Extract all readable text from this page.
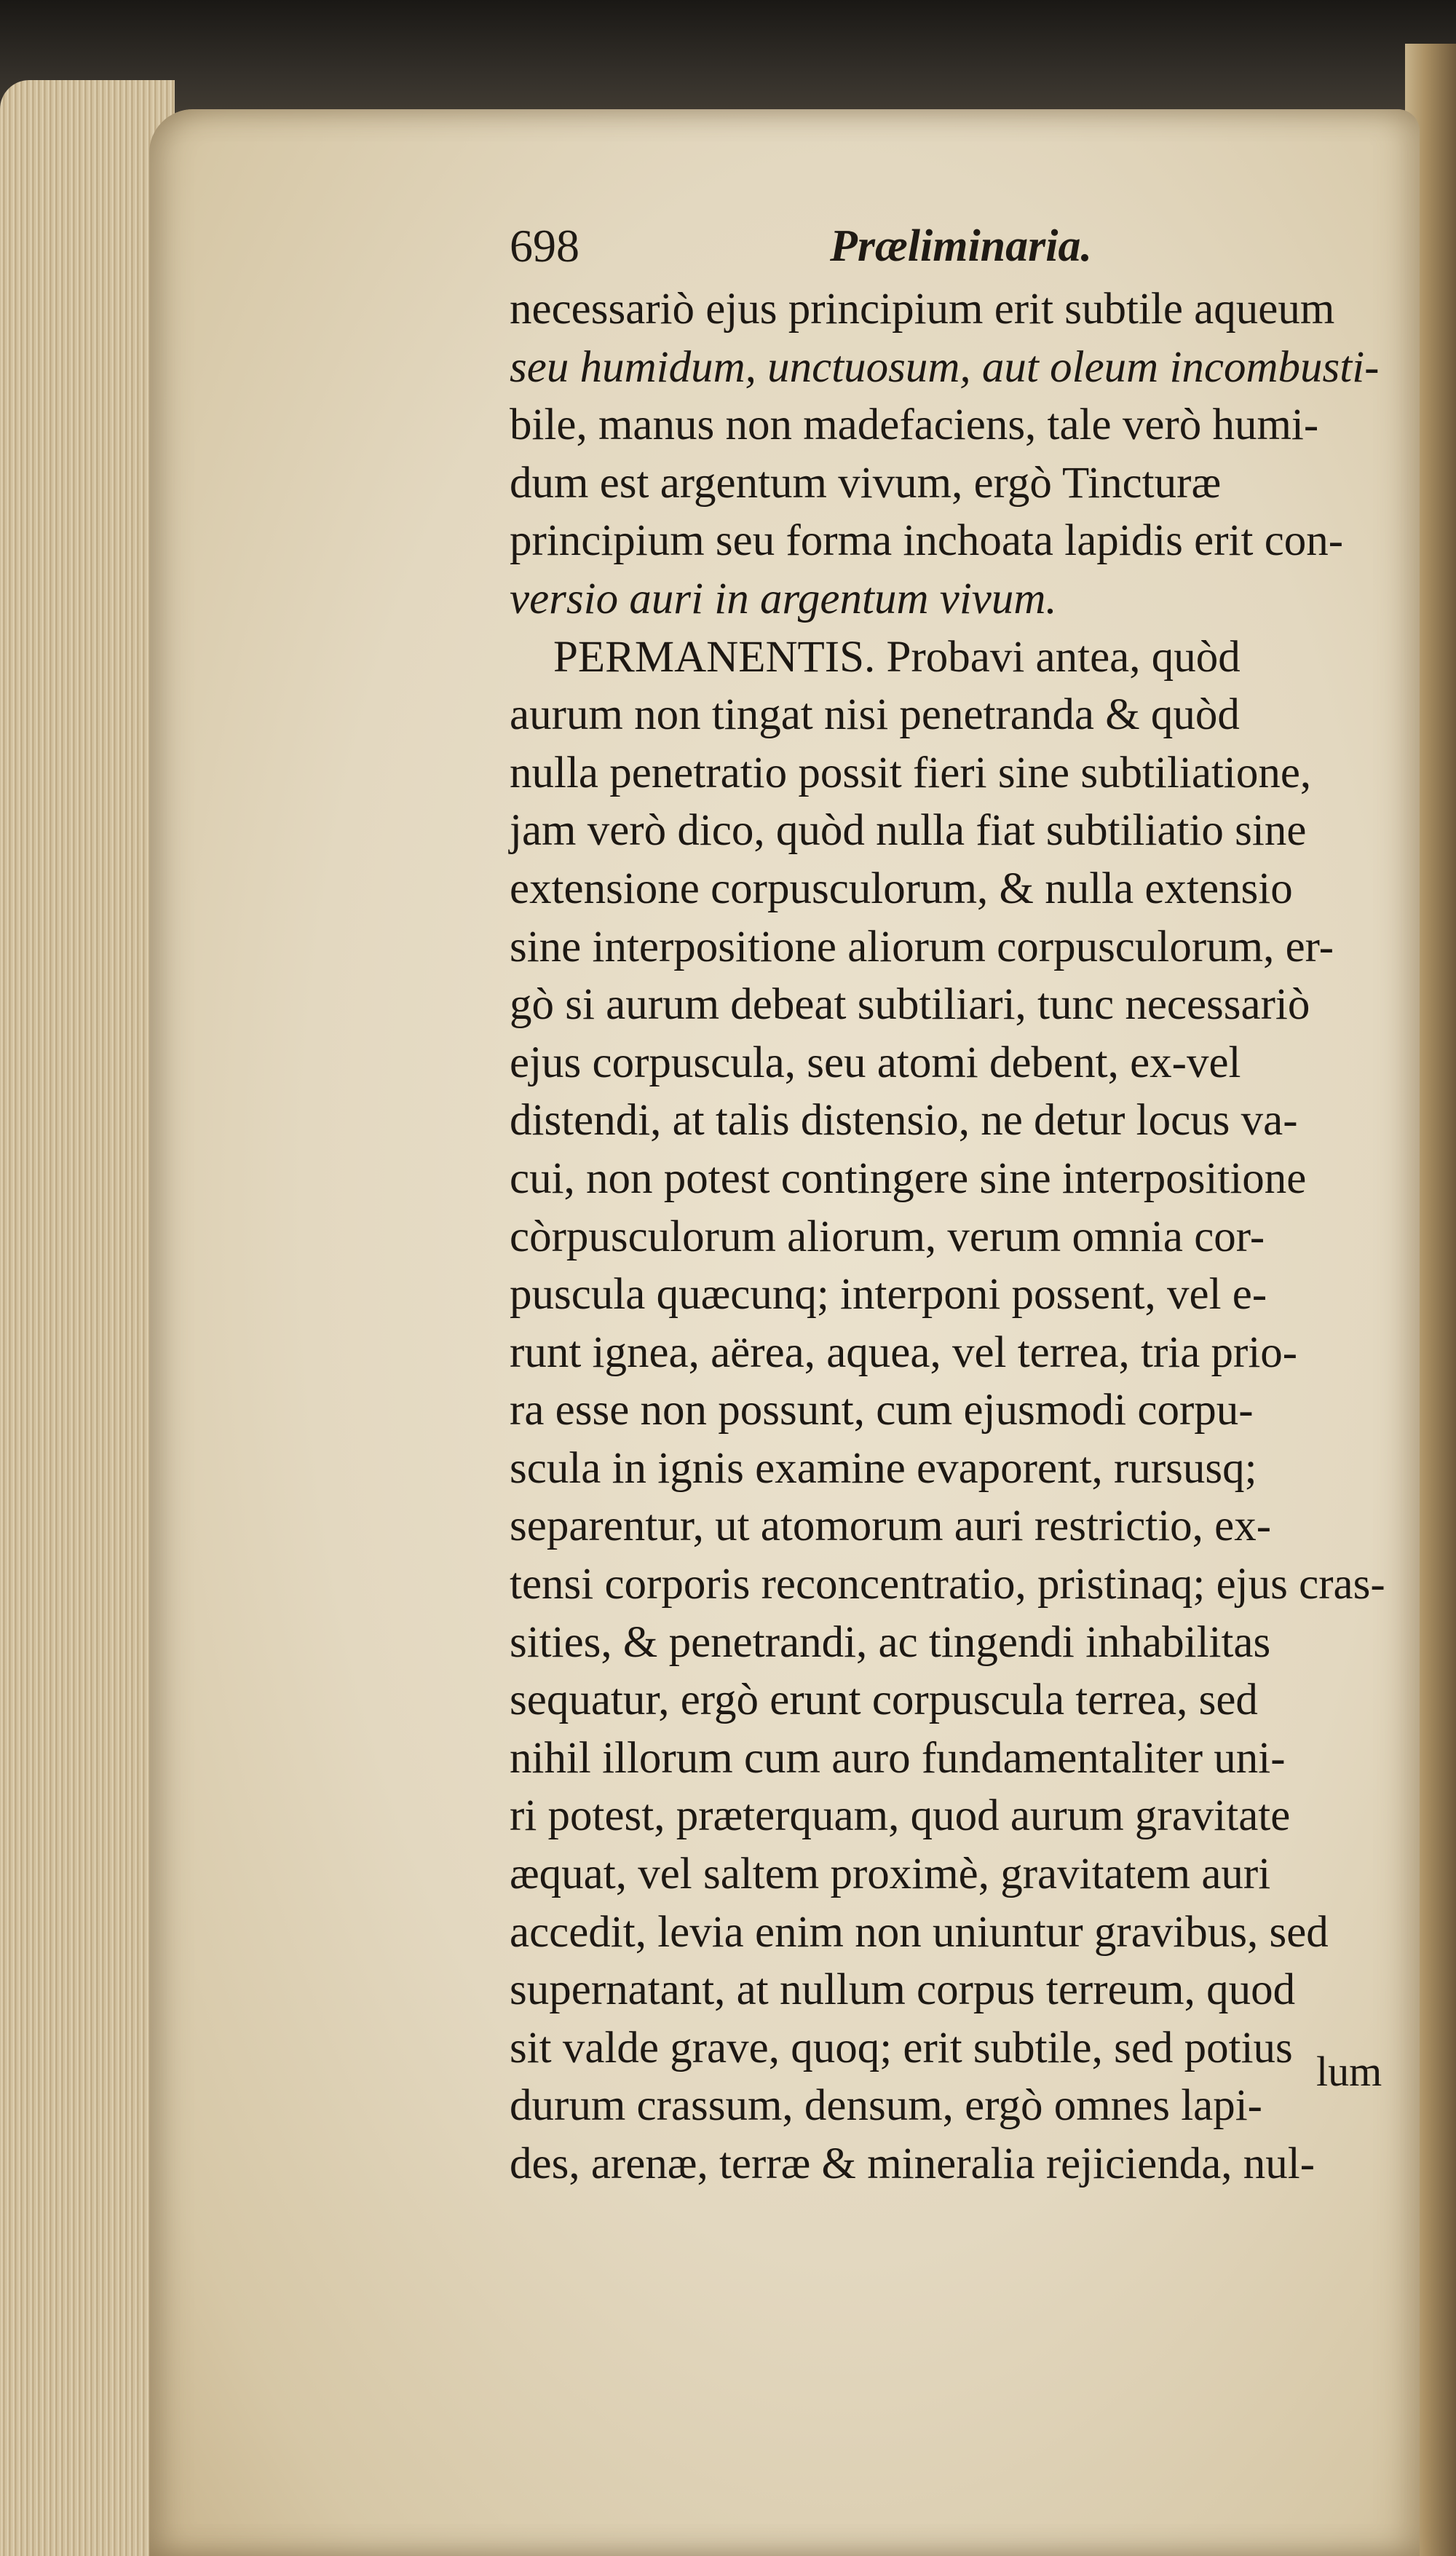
698	Præliminaria.
necessariò ejus principium erit subtile aqueum
seu humidum, unctuosum, aut oleum incombusti-
bile, manus non madefaciens, tale verò humi-
dum est argentum vivum, ergò Tincturæ
principium seu forma inchoata lapidis erit con-
versio auri in argentum vivum.
PERMANENTIS. Probavi antea, quòd
aurum non tingat nisi penetranda & quòd
nulla penetratio possit fieri sine subtiliatione,
jam verò dico, quòd nulla fiat subtiliatio sine
extensione corpusculorum, & nulla extensio
sine interpositione aliorum corpusculorum, er-
gò si aurum debeat subtiliari, tunc necessariò
ejus corpuscula, seu atomi debent, ex-vel
distendi, at talis distensio, ne detur locus va-
cui, non potest contingere sine interpositione
còrpusculorum aliorum, verum omnia cor-
puscula quæcunq; interponi possent, vel e-
runt ignea, aërea, aquea, vel terrea, tria prio-
ra esse non possunt, cum ejusmodi corpu-
scula in ignis examine evaporent, rursusq;
separentur, ut atomorum auri restrictio, ex-
tensi corporis reconcentratio, pristinaq; ejus cras-
sities, & penetrandi, ac tingendi inhabilitas
sequatur, ergò erunt corpuscula terrea, sed
nihil illorum cum auro fundamentaliter uni-
ri potest, præterquam, quod aurum gravitate
æquat, vel saltem proximè, gravitatem auri
accedit, levia enim non uniuntur gravibus, sed
supernatant, at nullum corpus terreum, quod
sit valde grave, quoq; erit subtile, sed potius
durum crassum, densum, ergò omnes lapi-
des, arenæ, terræ & mineralia rejicienda, nul-
lum
